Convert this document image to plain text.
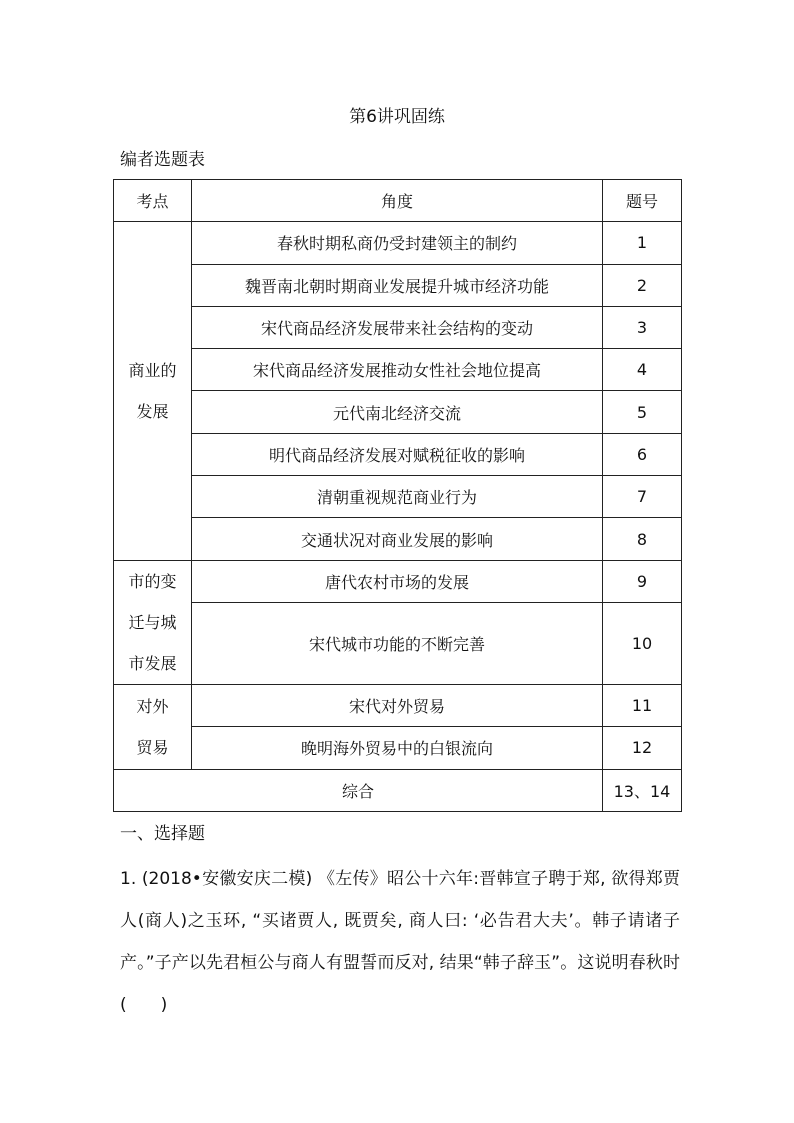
第6讲巩固练
编者选题表
考点	角度	题号

商业的
发展	春秋时期私商仍受封建领主的制约	1
	魏晋南北朝时期商业发展提升城市经济功能	2
	宋代商品经济发展带来社会结构的变动	3
	宋代商品经济发展推动女性社会地位提高	4
	元代南北经济交流	5
	明代商品经济发展对赋税征收的影响	6
	清朝重视规范商业行为	7
	交通状况对商业发展的影响	8

市的变
迁与城
市发展	唐代农村市场的发展	9
	宋代城市功能的不断完善	10

对外
贸易	宋代对外贸易	11
	晚明海外贸易中的白银流向	12
综合		13、14
一、选择题
1. (2018•安徽安庆二模) 《左传》昭公十六年:晋韩宣子聘于郑, 欲得郑贾人(商人)之玉环, “买诸贾人, 既贾矣, 商人曰: ‘必告君大夫’。韩子请诸子产。”子产以先君桓公与商人有盟誓而反对, 结果“韩子辞玉”。这说明春秋时(　　)
